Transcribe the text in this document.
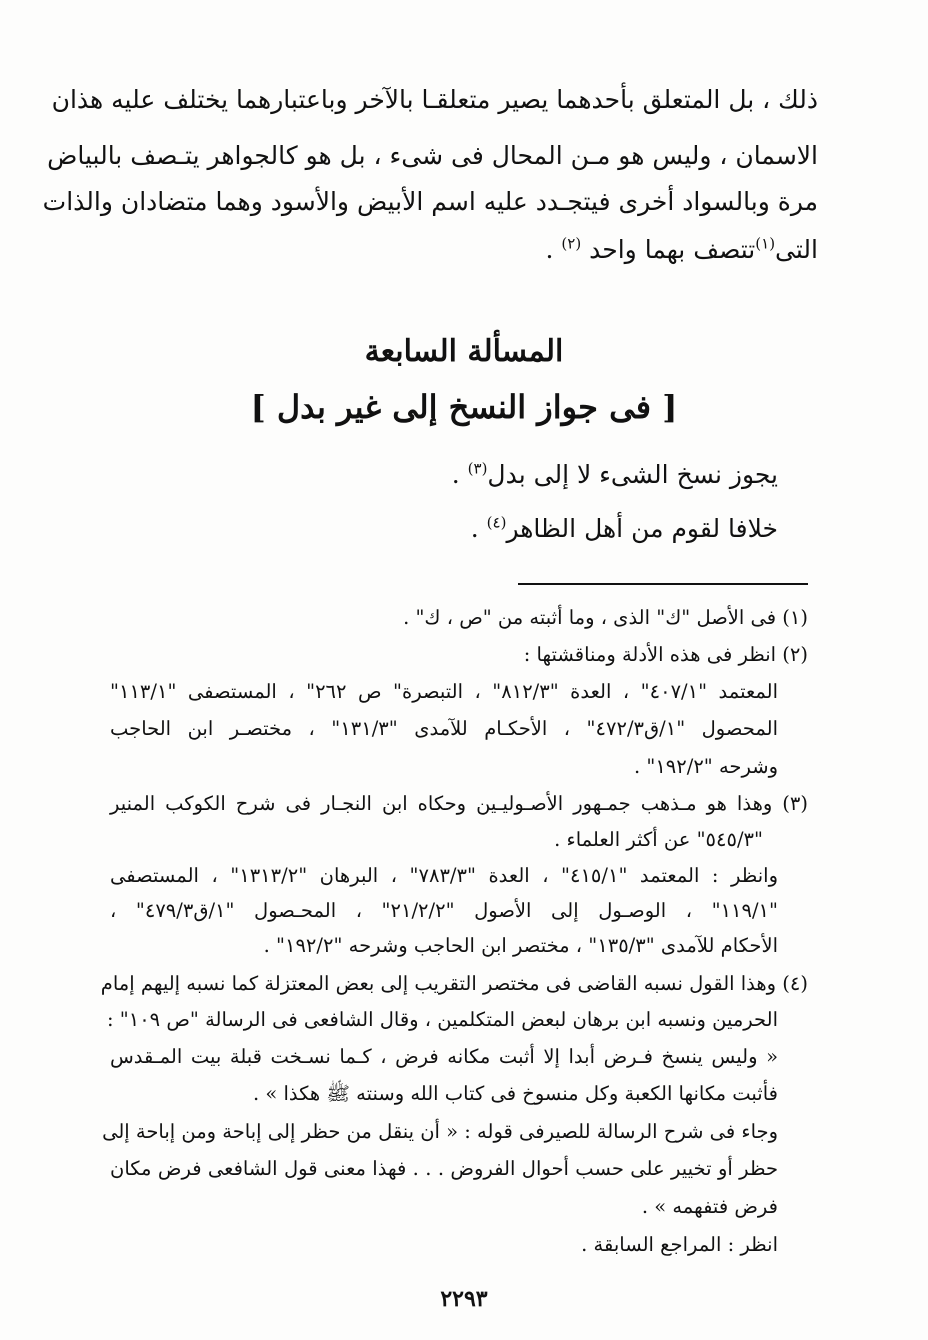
ذلك ، بل المتعلق بأحدهما يصير متعلقـا بالآخر وباعتبارهما يختلف عليه هذان
الاسمان ، وليس هو مـن المحال فى شىء ، بل هو كالجواهر يتـصف بالبياض
مرة وبالسواد أخرى فيتجـدد عليه اسم الأبيض والأسود وهما متضادان والذات
التى$^{(١)}$تتصف بهما واحد $^{(٢)}$ .
المسألة السابعة
[ فى جواز النسخ إلى غير بدل ]
يجوز نسخ الشىء لا إلى بدل$^{(٣)}$ .
خلافا لقوم من أهل الظاهر$^{(٤)}$ .
(١) فى الأصل "ك" الذى ، وما أثبته من "ص ، ك" .
(٢) انظر فى هذه الأدلة ومناقشتها :
المعتمد "٤٠٧/١" ، العدة "٨١٢/٣" ، التبصرة" ص ٢٦٢" ، المستصفى "١١٣/١"
المحصول "١/ق٤٧٢/٣" ، الأحكـام للآمدى "١٣١/٣" ، مختصـر ابن الحاجب
وشرحه "١٩٢/٢" .
(٣) وهذا هو مـذهب جمـهور الأصـوليـين وحكاه ابن النجـار فى شرح الكوكب المنير
"٥٤٥/٣" عن أكثر العلماء .
وانظر : المعتمد "٤١٥/١" ، العدة "٧٨٣/٣" ، البرهان "١٣١٣/٢" ، المستصفى
"١١٩/١" ، الوصـول إلى الأصول "٢١/٢/٢" ، المحـصول "١/ق٤٧٩/٣" ،
الأحكام للآمدى "١٣٥/٣" ، مختصر ابن الحاجب وشرحه "١٩٢/٢" .
(٤) وهذا القول نسبه القاضى فى مختصر التقريب إلى بعض المعتزلة كما نسبه إليهم إمام
الحرمين ونسبه ابن برهان لبعض المتكلمين ، وقال الشافعى فى الرسالة "ص ١٠٩" :
« وليس ينسخ فـرض أبدا إلا أثبت مكانه فرض ، كـما نسـخت قبلة بيت المـقدس
فأثبت مكانها الكعبة وكل منسوخ فى كتاب الله وسنته ﷺ هكذا » .
وجاء فى شرح الرسالة للصيرفى قوله : « أن ينقل من حظر إلى إباحة ومن إباحة إلى
حظر أو تخيير على حسب أحوال الفروض . . . فهذا معنى قول الشافعى فرض مكان
فرض فتفهمه » .
انظر : المراجع السابقة .
٢٢٩٣
